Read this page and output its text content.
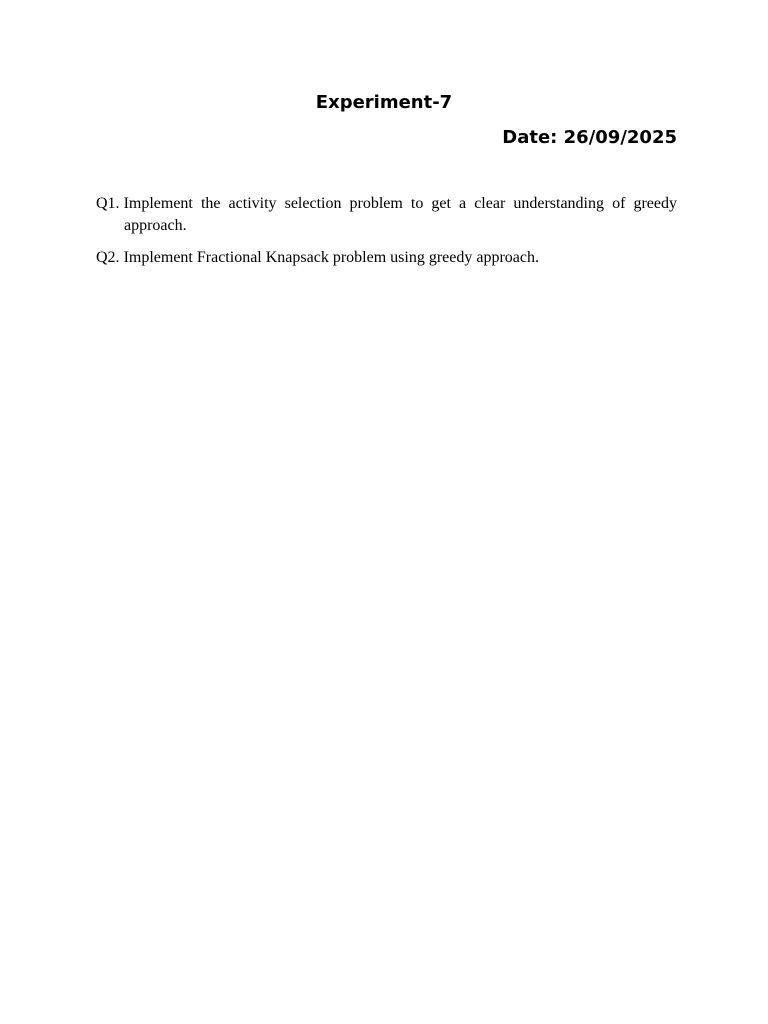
Experiment-7
Date: 26/09/2025
Q1. Implement the activity selection problem to get a clear understanding of greedy approach.
Q2. Implement Fractional Knapsack problem using greedy approach.
